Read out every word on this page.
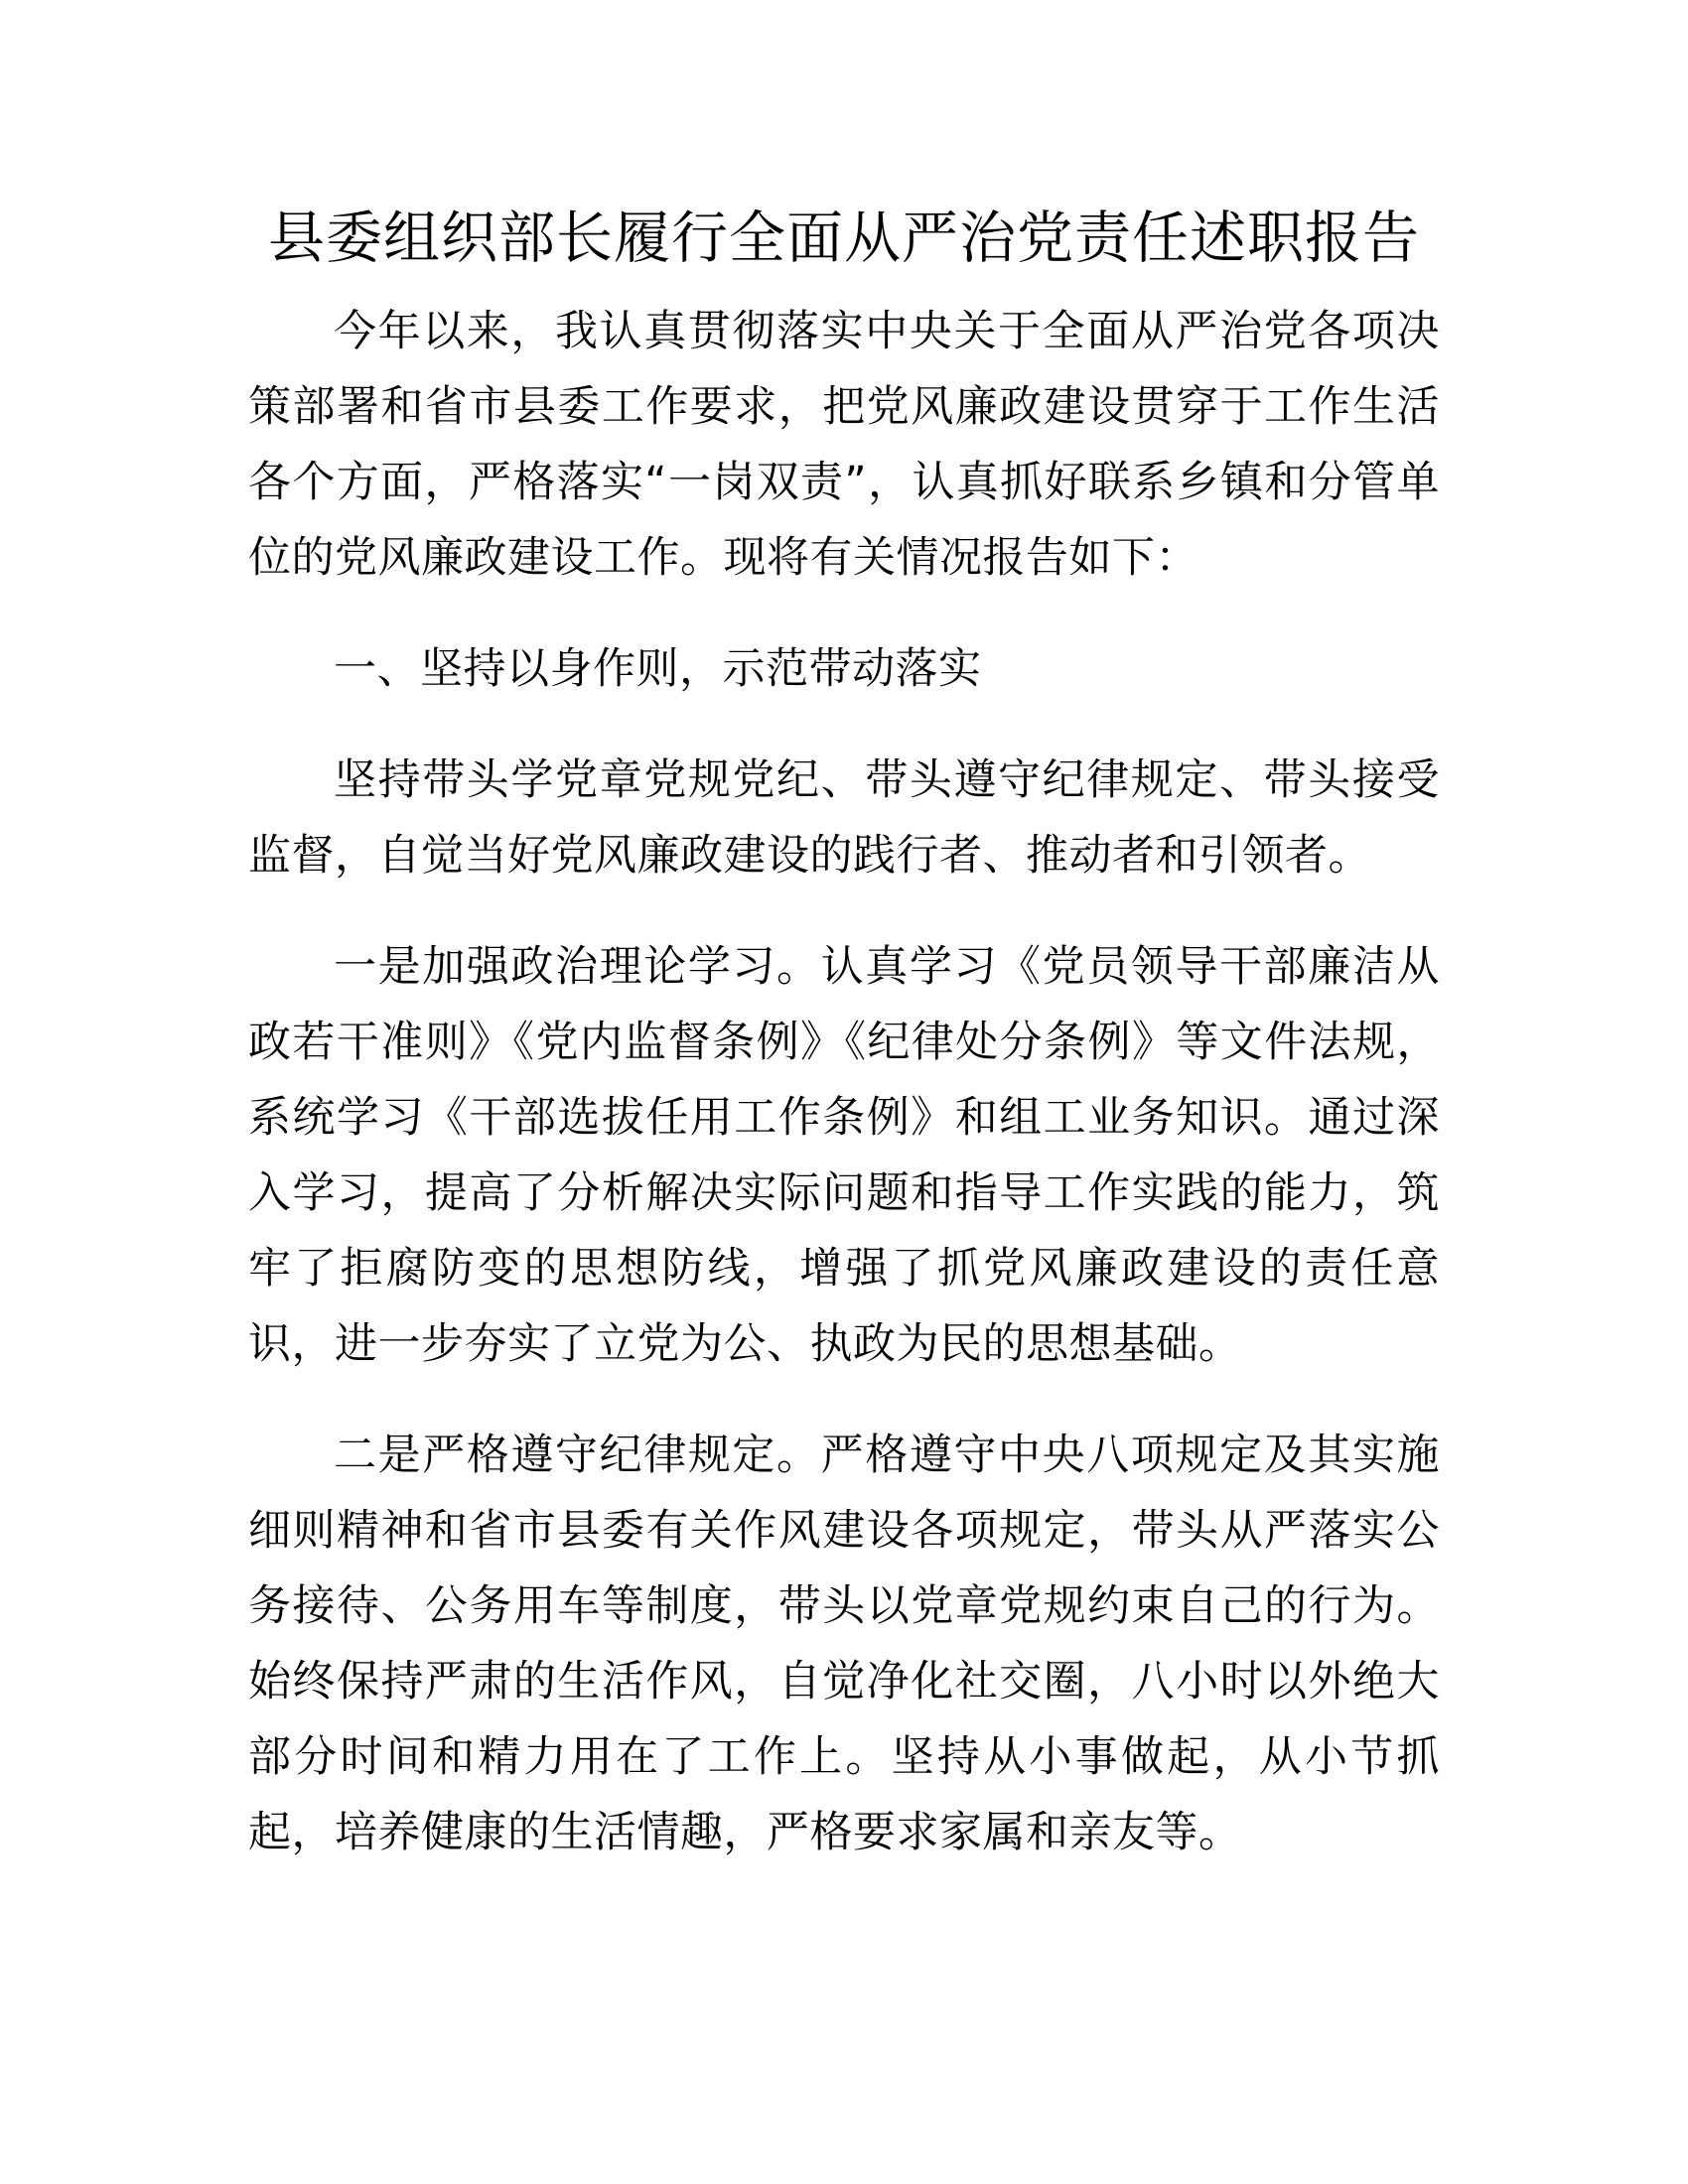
县委组织部长履行全面从严治党责任述职报告

今年以来，我认真贯彻落实中央关于全面从严治党各项决策部署和省市县委工作要求，把党风廉政建设贯穿于工作生活各个方面，严格落实“一岗双责”，认真抓好联系乡镇和分管单位的党风廉政建设工作。现将有关情况报告如下：

一、坚持以身作则，示范带动落实

坚持带头学党章党规党纪、带头遵守纪律规定、带头接受监督，自觉当好党风廉政建设的践行者、推动者和引领者。

一是加强政治理论学习。认真学习《党员领导干部廉洁从政若干准则》《党内监督条例》《纪律处分条例》等文件法规，系统学习《干部选拔任用工作条例》和组工业务知识。通过深入学习，提高了分析解决实际问题和指导工作实践的能力，筑牢了拒腐防变的思想防线，增强了抓党风廉政建设的责任意识，进一步夯实了立党为公、执政为民的思想基础。

二是严格遵守纪律规定。严格遵守中央八项规定及其实施细则精神和省市县委有关作风建设各项规定，带头从严落实公务接待、公务用车等制度，带头以党章党规约束自己的行为。始终保持严肃的生活作风，自觉净化社交圈，八小时以外绝大部分时间和精力用在了工作上。坚持从小事做起，从小节抓起，培养健康的生活情趣，严格要求家属和亲友等。
